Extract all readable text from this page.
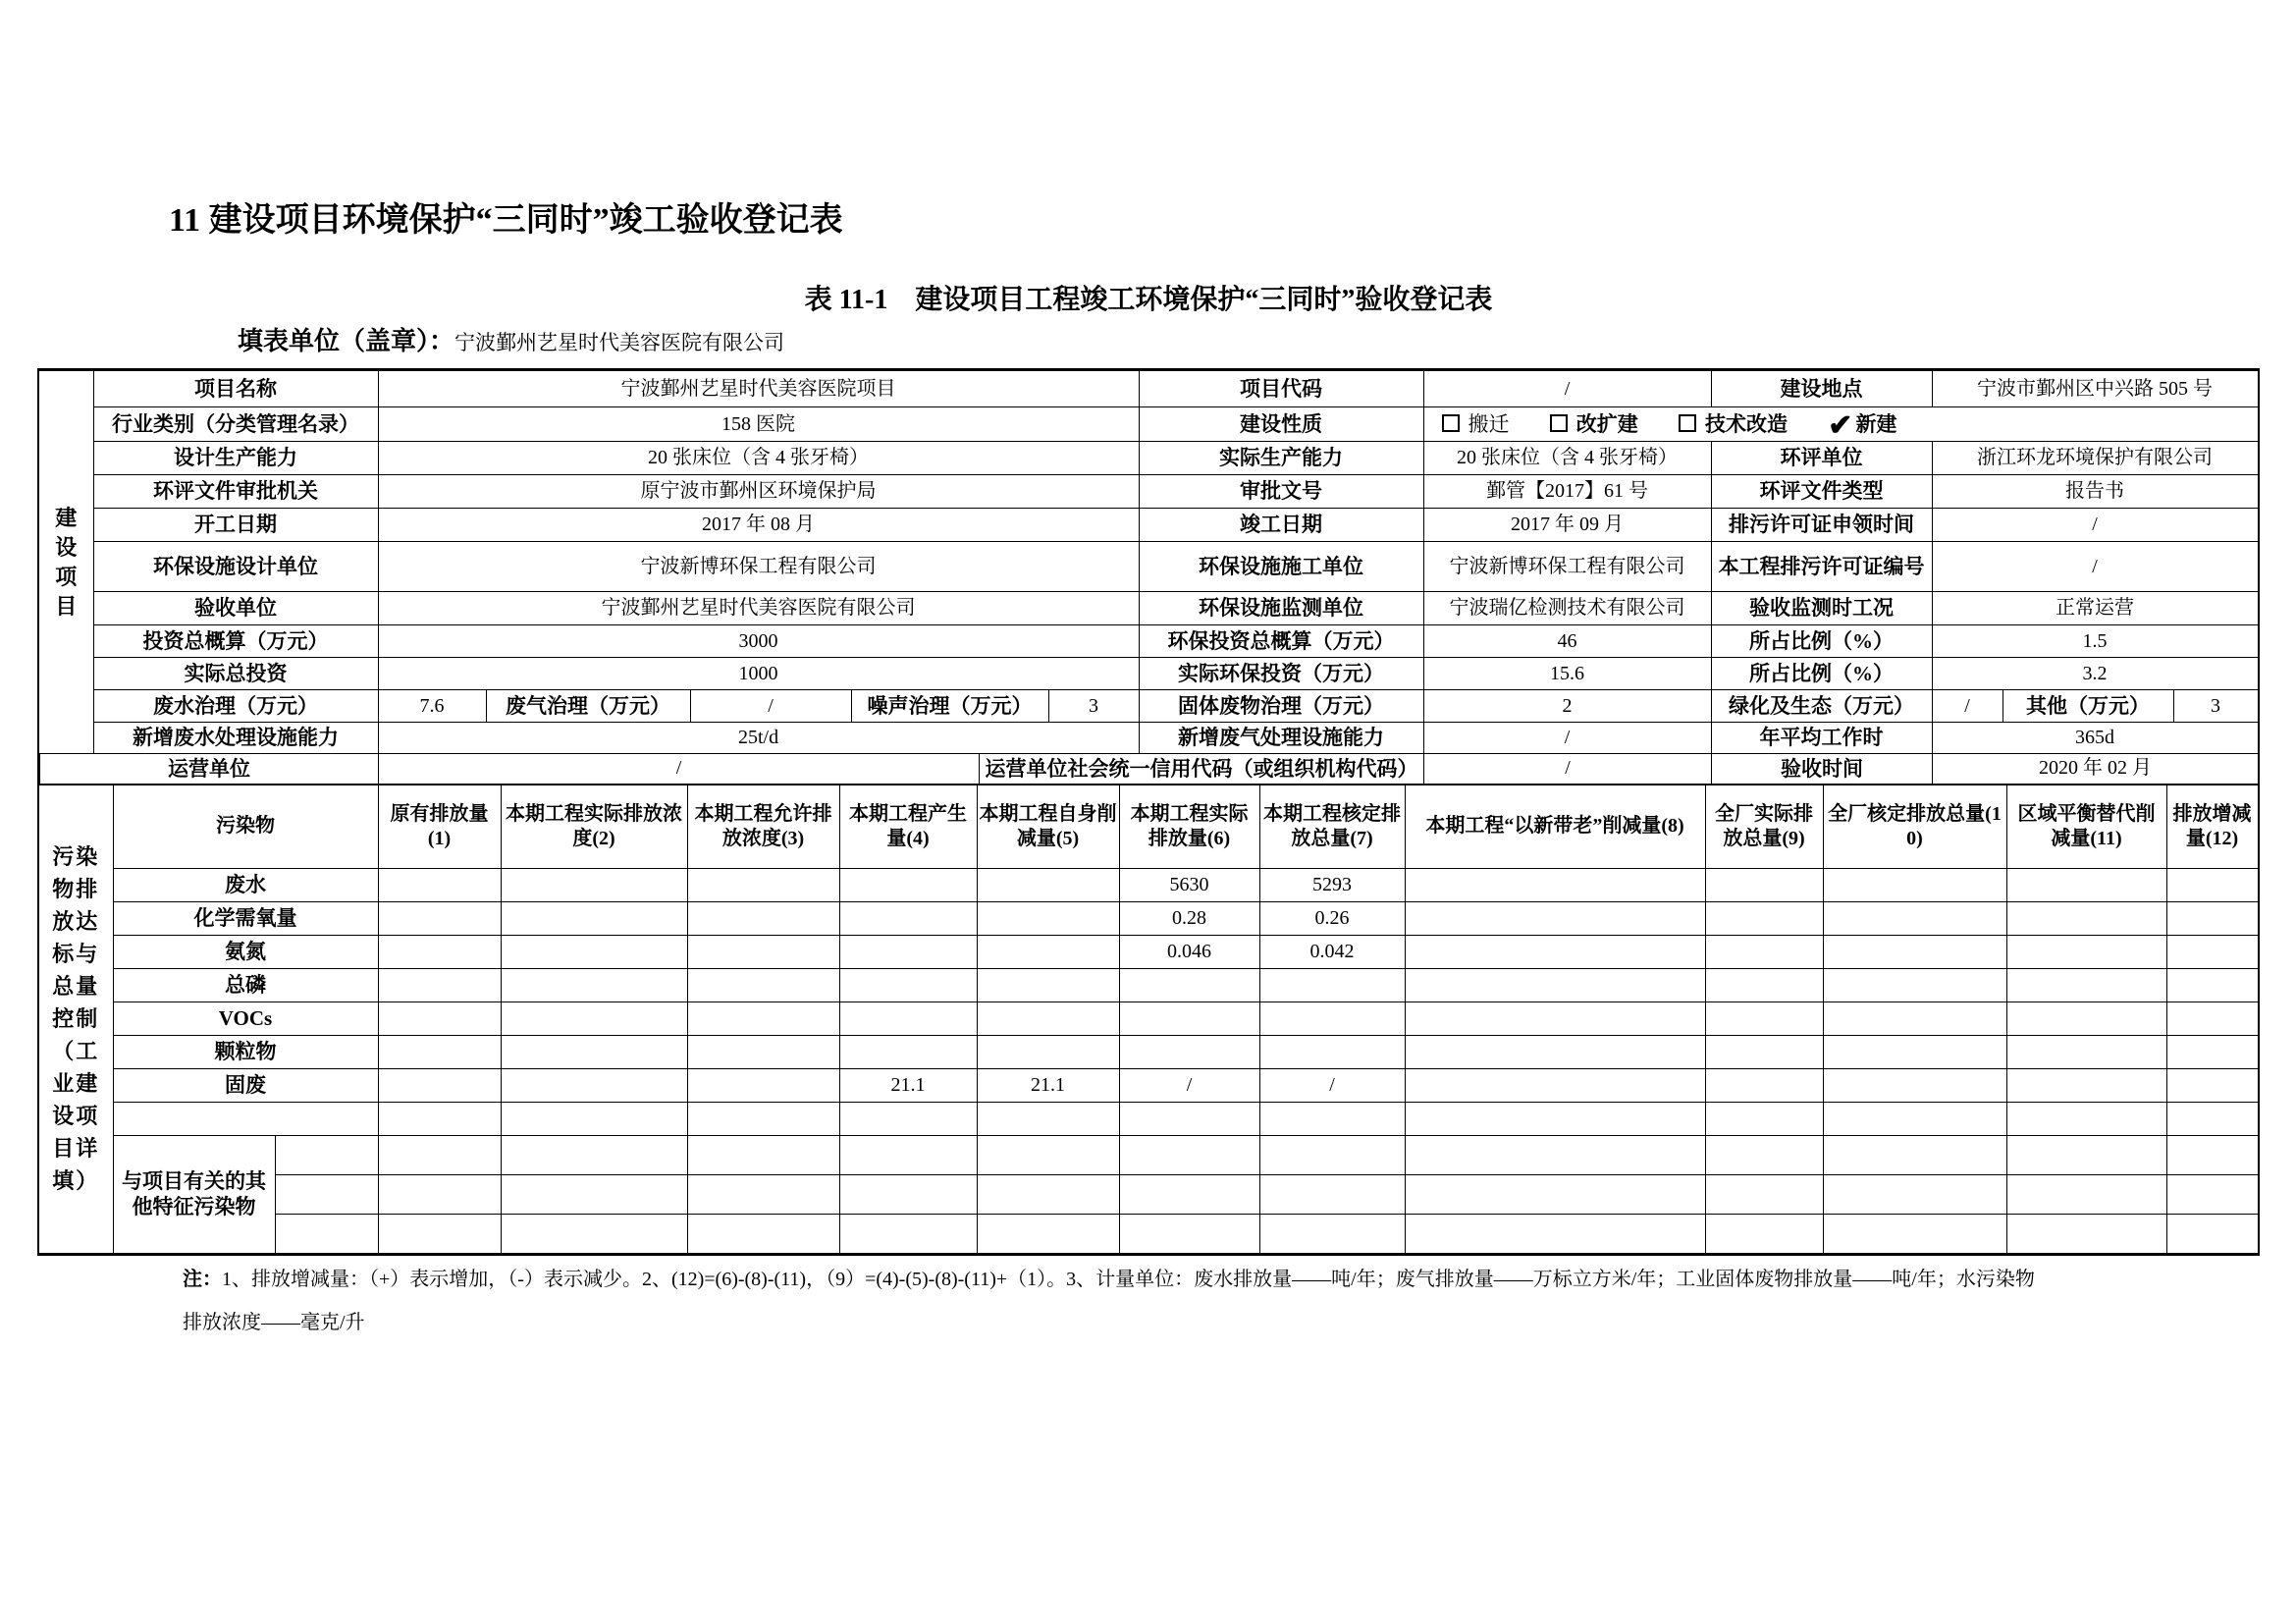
11 建设项目环境保护“三同时”竣工验收登记表
表 11-1　建设项目工程竣工环境保护“三同时”验收登记表
填表单位（盖章）：宁波鄞州艺星时代美容医院有限公司
建设项目	项目名称	宁波鄞州艺星时代美容医院项目					项目代码	/	建设地点	宁波市鄞州区中兴路 505 号		
	行业类别（分类管理名录）	158 医院					建设性质	搬迁 改扩建 技术改造 ✔ 新建				
	设计生产能力	20 张床位（含 4 张牙椅）					实际生产能力	20 张床位（含 4 张牙椅）	环评单位	浙江环龙环境保护有限公司		
	环评文件审批机关	原宁波市鄞州区环境保护局					审批文号	鄞管【2017】61 号	环评文件类型	报告书		
	开工日期	2017 年 08 月					竣工日期	2017 年 09 月	排污许可证申领时间	/		
	环保设施设计单位	宁波新博环保工程有限公司					环保设施施工单位	宁波新博环保工程有限公司	本工程排污许可证编号	/		
	验收单位	宁波鄞州艺星时代美容医院有限公司					环保设施监测单位	宁波瑞亿检测技术有限公司	验收监测时工况	正常运营		
	投资总概算（万元）	3000					环保投资总概算（万元）	46	所占比例（%）	1.5		
	实际总投资	1000					实际环保投资（万元）	15.6	所占比例（%）	3.2		
	废水治理（万元）	7.6	废气治理（万元）	/	噪声治理（万元）	3	固体废物治理（万元）	2	绿化及生态（万元）	/	其他（万元）	3
	新增废水处理设施能力	25t/d					新增废气处理设施能力	/	年平均工作时	365d		
运营单位	/	运营单位社会统一信用代码（或组织机构代码）	/	验收时间	2020 年 02 月
污染物排放达标与总量控制（工业建设项目详填）	污染物		原有排放量(1)	本期工程实际排放浓度(2)	本期工程允许排放浓度(3)	本期工程产生量(4)	本期工程自身削减量(5)	本期工程实际排放量(6)	本期工程核定排放总量(7)	本期工程“以新带老”削减量(8)	全厂实际排放总量(9)	全厂核定排放总量(10)	区域平衡替代削减量(11)	排放增减量(12)
	废水							5630	5293					
	化学需氧量							0.28	0.26					
	氨氮							0.046	0.042					
	总磷													
	VOCs													
	颗粒物													
	固废					21.1	21.1	/	/					

	与项目有关的其他特征污染物													

注：1、排放增减量：（+）表示增加，（-）表示减少。2、(12)=(6)-(8)-(11)，（9）=(4)-(5)-(8)-(11)+（1）。3、计量单位：废水排放量——吨/年；废气排放量——万标立方米/年；工业固体废物排放量——吨/年；水污染物
排放浓度——毫克/升
